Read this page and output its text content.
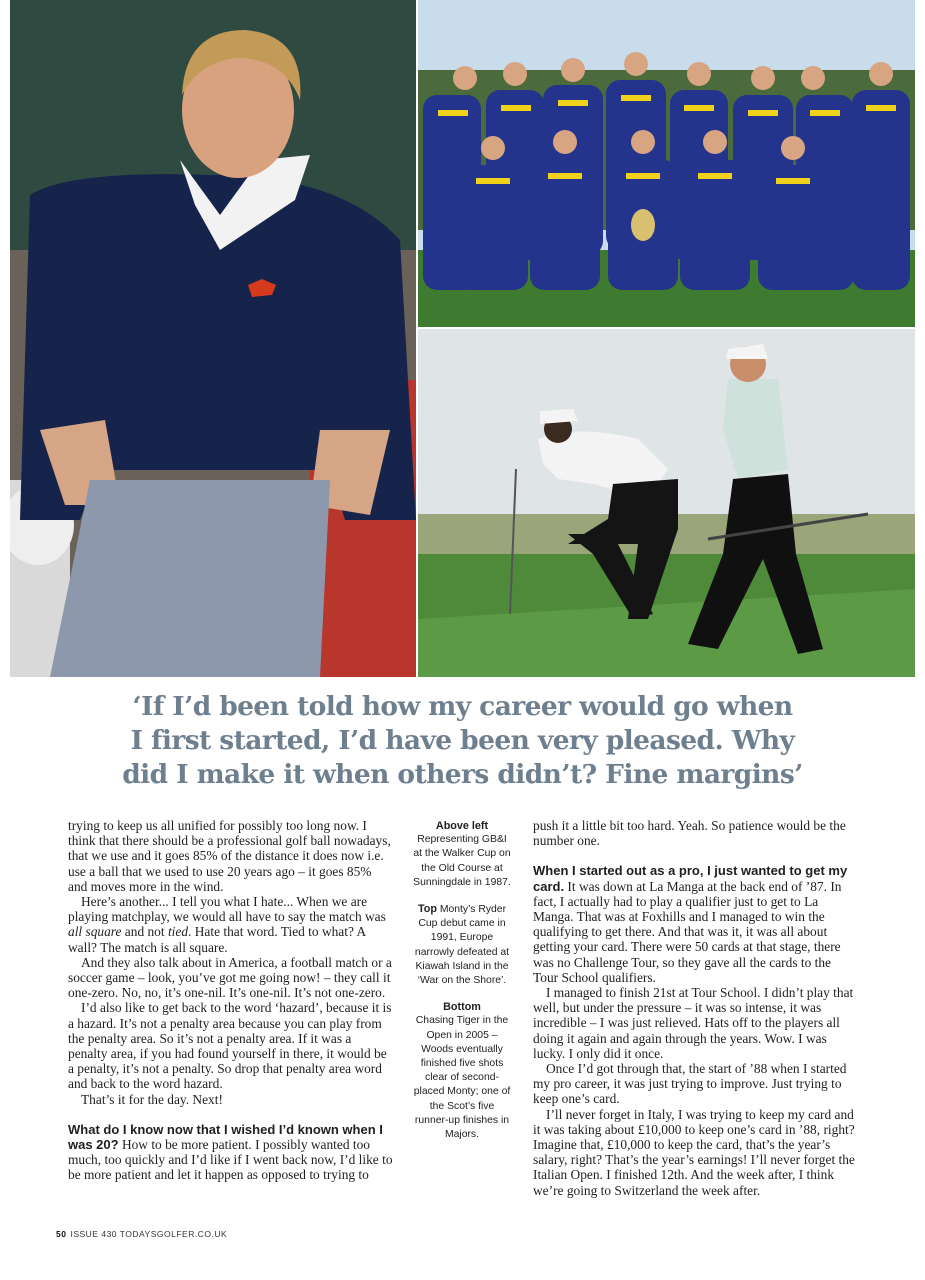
‘If I’d been told how my career would go when
I first started, I’d have been very pleased. Why
did I make it when others didn’t? Fine margins’

trying to keep us all unified for possibly too long now. I think that there should be a professional golf ball nowadays, that we use and it goes 85% of the distance it does now i.e. use a ball that we used to use 20 years ago – it goes 85% and moves more in the wind.

Here’s another... I tell you what I hate... When we are playing matchplay, we would all have to say the match was all square and not tied. Hate that word. Tied to what? A wall? The match is all square.

And they also talk about in America, a football match or a soccer game – look, you’ve got me going now! – they call it one-zero. No, no, it’s one-nil. It’s one-nil. It’s not one-zero.

I’d also like to get back to the word ‘hazard’, because it is a hazard. It’s not a penalty area because you can play from the penalty area. So it’s not a penalty area. If it was a penalty area, if you had found yourself in there, it would be a penalty, it’s not a penalty. So drop that penalty area word and back to the word hazard.

That’s it for the day. Next!

What do I know now that I wished I’d known when I was 20? How to be more patient. I possibly wanted too much, too quickly and I’d like if I went back now, I’d like to be more patient and let it happen as opposed to trying to

Above left
Representing GB&I at the Walker Cup on the Old Course at Sunningdale in 1987.
Top Monty’s Ryder Cup debut came in 1991, Europe narrowly defeated at Kiawah Island in the ‘War on the Shore’.
Bottom
Chasing Tiger in the Open in 2005 – Woods eventually finished five shots clear of second-placed Monty; one of the Scot’s five runner-up finishes in Majors.

push it a little bit too hard. Yeah. So patience would be the number one.

When I started out as a pro, I just wanted to get my card. It was down at La Manga at the back end of ’87. In fact, I actually had to play a qualifier just to get to La Manga. That was at Foxhills and I managed to win the qualifying to get there. And that was it, it was all about getting your card. There were 50 cards at that stage, there was no Challenge Tour, so they gave all the cards to the Tour School qualifiers.

I managed to finish 21st at Tour School. I didn’t play that well, but under the pressure – it was so intense, it was incredible – I was just relieved. Hats off to the players all doing it again and again through the years. Wow. I was lucky. I only did it once.

Once I’d got through that, the start of ’88 when I started my pro career, it was just trying to improve. Just trying to keep one’s card.

I’ll never forget in Italy, I was trying to keep my card and it was taking about £10,000 to keep one’s card in ’88, right? Imagine that, £10,000 to keep the card, that’s the year’s salary, right? That’s the year’s earnings! I’ll never forget the Italian Open. I finished 12th. And the week after, I think we’re going to Switzerland the week after.

50 ISSUE 430 TODAYSGOLFER.CO.UK
